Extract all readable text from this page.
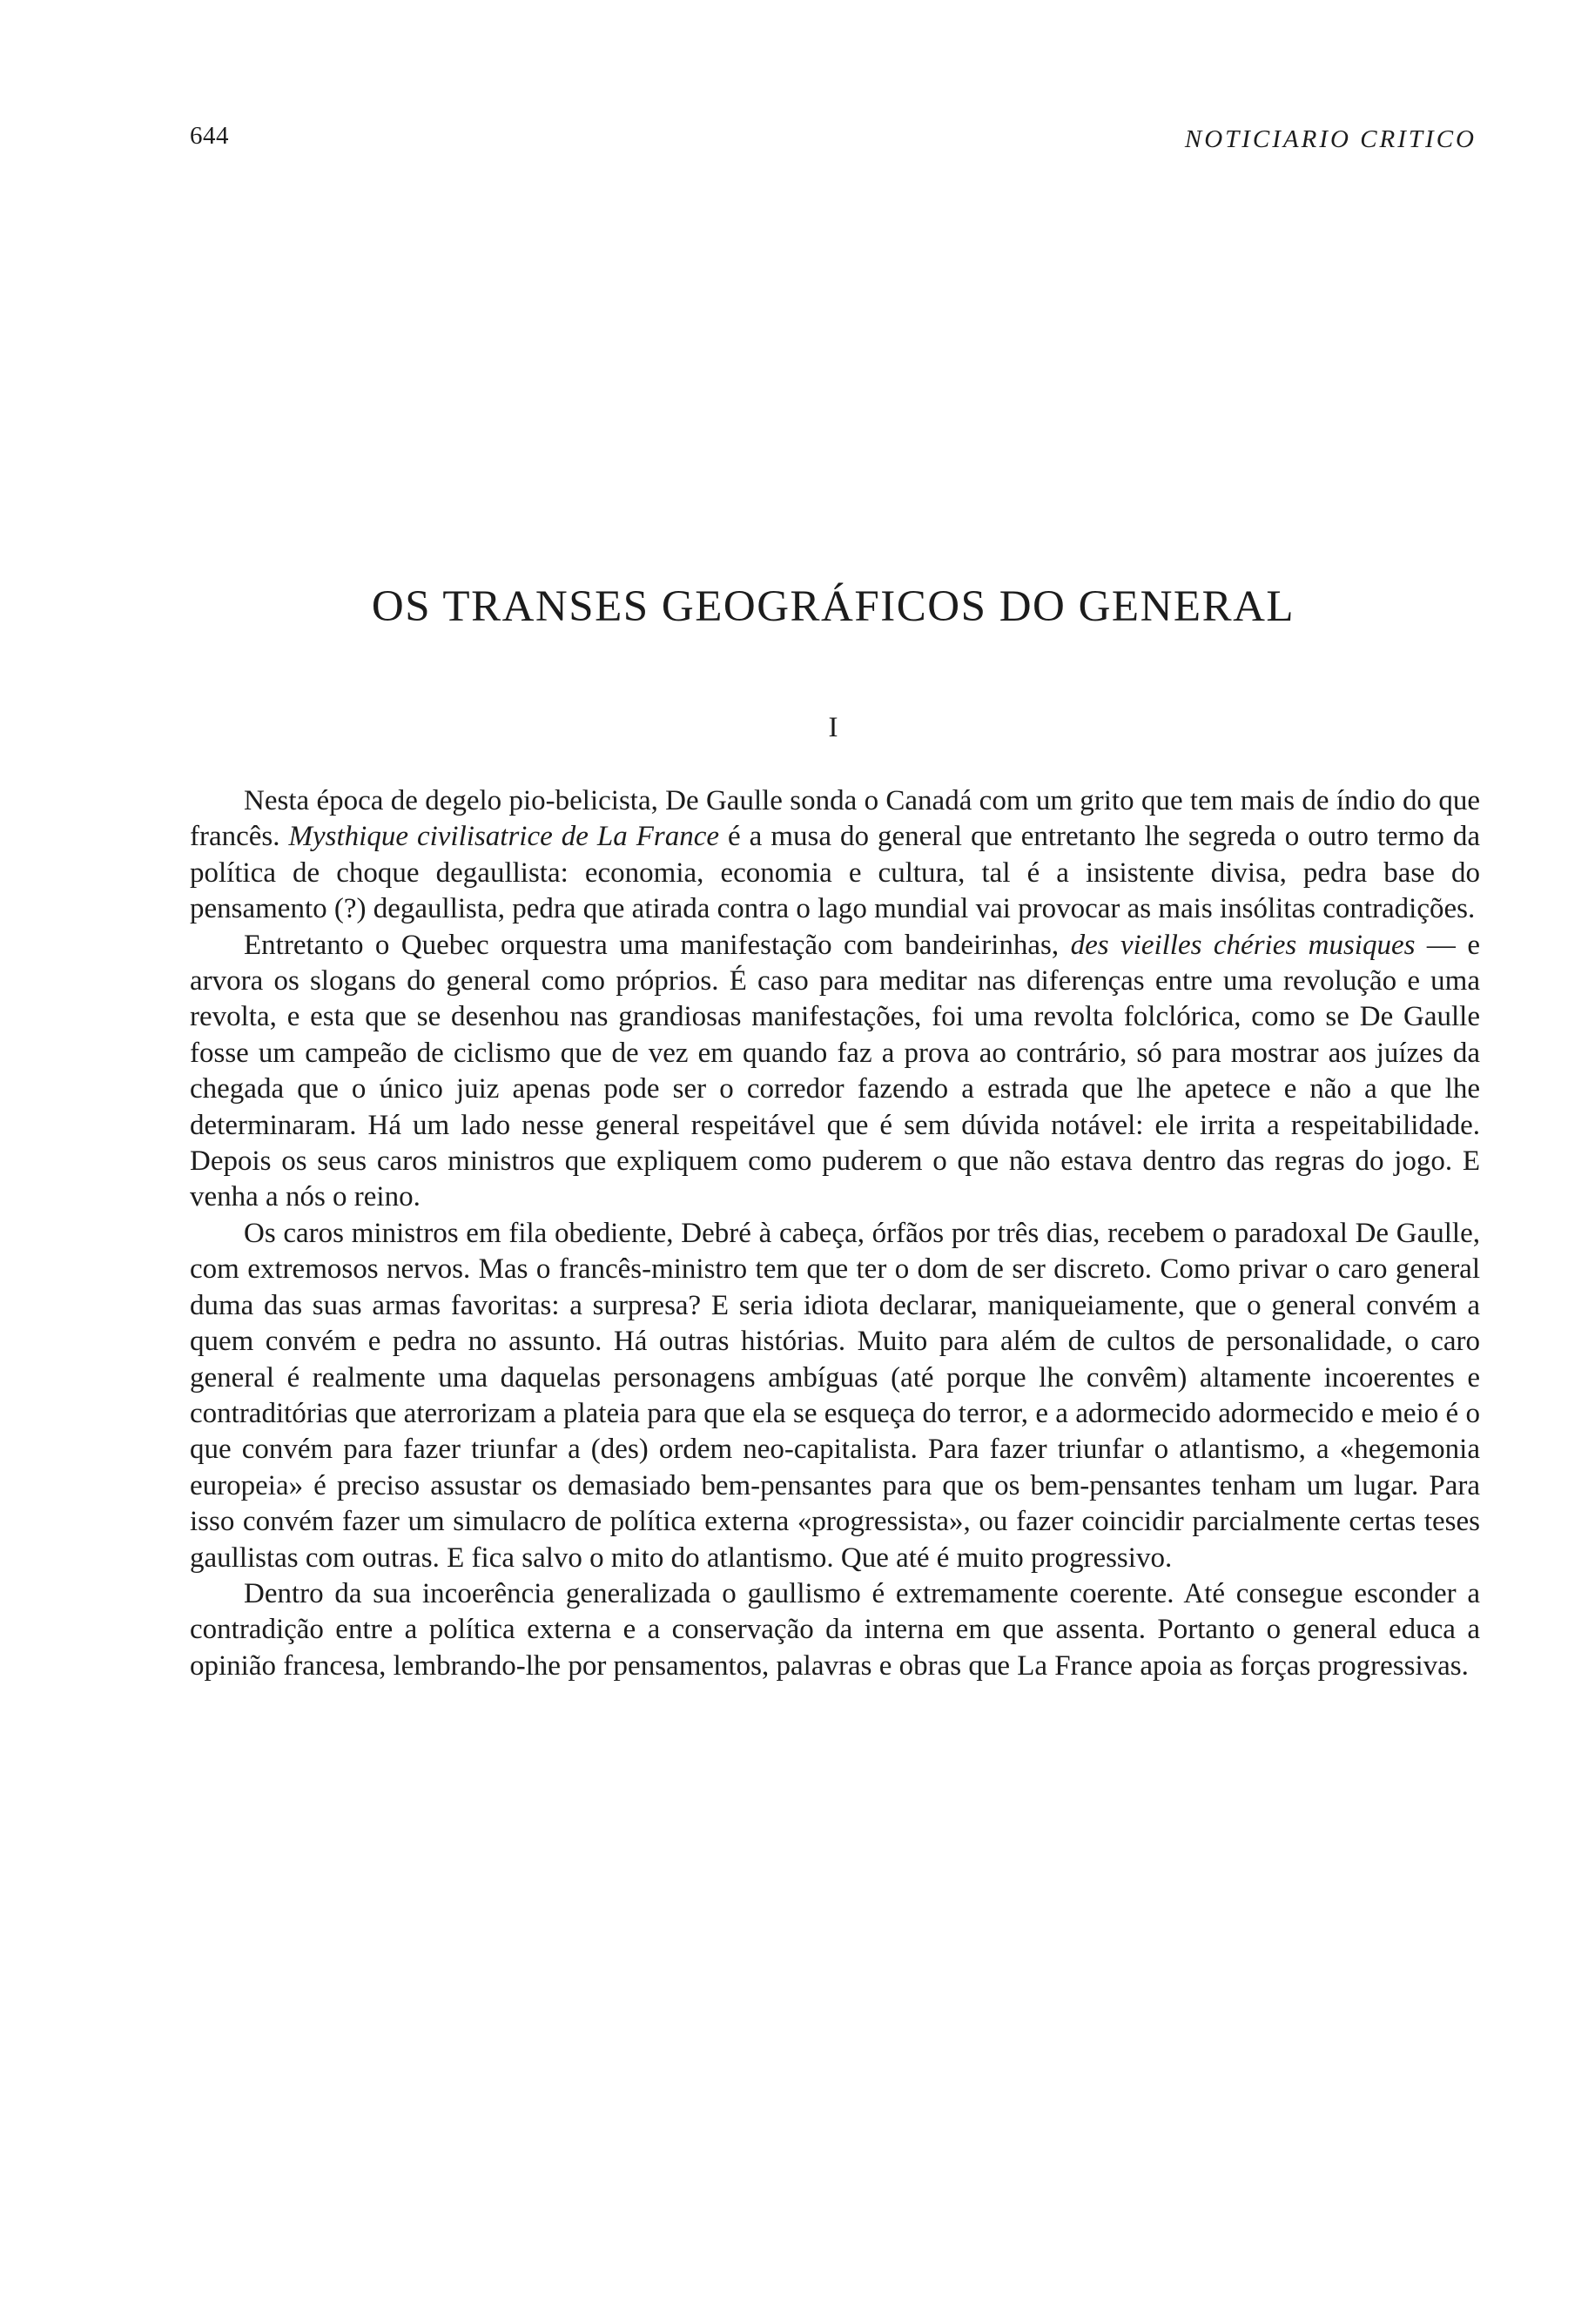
644	NOTICIARIO CRITICO
OS TRANSES GEOGRÁFICOS DO GENERAL
I

Nesta época de degelo pio-belicista, De Gaulle sonda o Canadá com um grito que tem mais de índio do que francês. Mysthique civilisatrice de La France é a musa do general que entretanto lhe segreda o outro termo da política de choque degaullista: economia, economia e cultura, tal é a insistente divisa, pedra base do pensamento (?) degaullista, pedra que atirada contra o lago mundial vai provocar as mais insólitas contradições.

Entretanto o Quebec orquestra uma manifestação com bandeirinhas, des vieilles chéries musiques — e arvora os slogans do general como próprios. É caso para meditar nas diferenças entre uma revolução e uma revolta, e esta que se desenhou nas grandiosas manifestações, foi uma revolta folclórica, como se De Gaulle fosse um campeão de ciclismo que de vez em quando faz a prova ao contrário, só para mostrar aos juízes da chegada que o único juiz apenas pode ser o corredor fazendo a estrada que lhe apetece e não a que lhe determinaram. Há um lado nesse general respeitável que é sem dúvida notável: ele irrita a respeitabilidade. Depois os seus caros ministros que expliquem como puderem o que não estava dentro das regras do jogo. E venha a nós o reino.

Os caros ministros em fila obediente, Debré à cabeça, órfãos por três dias, recebem o paradoxal De Gaulle, com extremosos nervos. Mas o francês-ministro tem que ter o dom de ser discreto. Como privar o caro general duma das suas armas favoritas: a surpresa? E seria idiota declarar, maniqueiamente, que o general convém a quem convém e pedra no assunto. Há outras histórias. Muito para além de cultos de personalidade, o caro general é realmente uma daquelas personagens ambíguas (até porque lhe convêm) altamente incoerentes e contraditórias que aterrorizam a plateia para que ela se esqueça do terror, e a adormecido adormecido e meio é o que convém para fazer triunfar a (des) ordem neo-capitalista. Para fazer triunfar o atlantismo, a «hegemonia europeia» é preciso assustar os demasiado bem-pensantes para que os bem-pensantes tenham um lugar. Para isso convém fazer um simulacro de política externa «progressista», ou fazer coincidir parcialmente certas teses gaullistas com outras. E fica salvo o mito do atlantismo. Que até é muito progressivo.

Dentro da sua incoerência generalizada o gaullismo é extremamente coerente. Até consegue esconder a contradição entre a política externa e a conservação da interna em que assenta. Portanto o general educa a opinião francesa, lembrando-lhe por pensamentos, palavras e obras que La France apoia as forças progressivas.
